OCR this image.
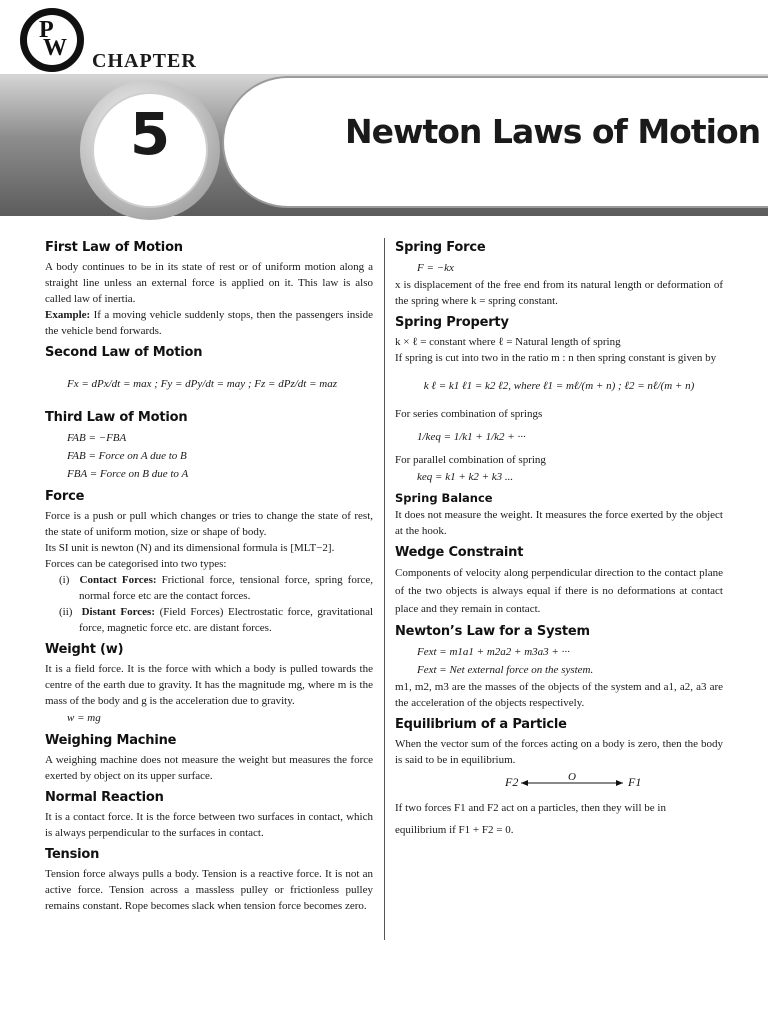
P
W CHAPTER
Newton Laws of Motion
5
First Law of Motion

A body continues to be in its state of rest or of uniform motion along a straight line unless an external force is applied on it. This law is also called law of inertia.

Example: If a moving vehicle suddenly stops, then the passengers inside the vehicle bend forwards.

Second Law of Motion
Fx = dPx/dt = max ; Fy = dPy/dt = may ; Fz = dPz/dt = maz
Third Law of Motion
FAB = −FBA
FAB = Force on A due to B
FBA = Force on B due to A
Force

Force is a push or pull which changes or tries to change the state of rest, the state of uniform motion, size or shape of body.

Its SI unit is newton (N) and its dimensional formula is [MLT−2].

Forces can be categorised into two types:

(i) Contact Forces: Frictional force, tensional force, spring force, normal force etc are the contact forces.
(ii) Distant Forces: (Field Forces) Electrostatic force, gravitational force, magnetic force etc. are distant forces.
Weight (w)

It is a field force. It is the force with which a body is pulled towards the centre of the earth due to gravity. It has the magnitude mg, where m is the mass of the body and g is the acceleration due to gravity.

w = mg
Weighing Machine

A weighing machine does not measure the weight but measures the force exerted by object on its upper surface.

Normal Reaction

It is a contact force. It is the force between two surfaces in contact, which is always perpendicular to the surfaces in contact.

Tension

Tension force always pulls a body. Tension is a reactive force. It is not an active force. Tension across a massless pulley or frictionless pulley remains constant. Rope becomes slack when tension force becomes zero.

Spring Force
F = −kx

x is displacement of the free end from its natural length or deformation of the spring where k = spring constant.

Spring Property

k × ℓ = constant where ℓ = Natural length of spring

If spring is cut into two in the ratio m : n then spring constant is given by

k ℓ = k1 ℓ1 = k2 ℓ2, where ℓ1 = mℓ/(m + n) ; ℓ2 = nℓ/(m + n)

For series combination of springs

1/keq = 1/k1 + 1/k2 + ···

For parallel combination of spring

keq = k1 + k2 + k3 ...
Spring Balance

It does not measure the weight. It measures the force exerted by the object at the hook.

Wedge Constraint

Components of velocity along perpendicular direction to the contact plane of the two objects is always equal if there is no deformations at contact place and they remain in contact.

Newton’s Law for a System
Fext = m1a1 + m2a2 + m3a3 + ···
Fext = Net external force on the system.

m1, m2, m3 are the masses of the objects of the system and a1, a2, a3 are the acceleration of the objects respectively.

Equilibrium of a Particle

When the vector sum of the forces acting on a body is zero, then the body is said to be in equilibrium.

F2	O	F1

If two forces F1 and F2 act on a particles, then they will be in

equilibrium if F1 + F2 = 0.
